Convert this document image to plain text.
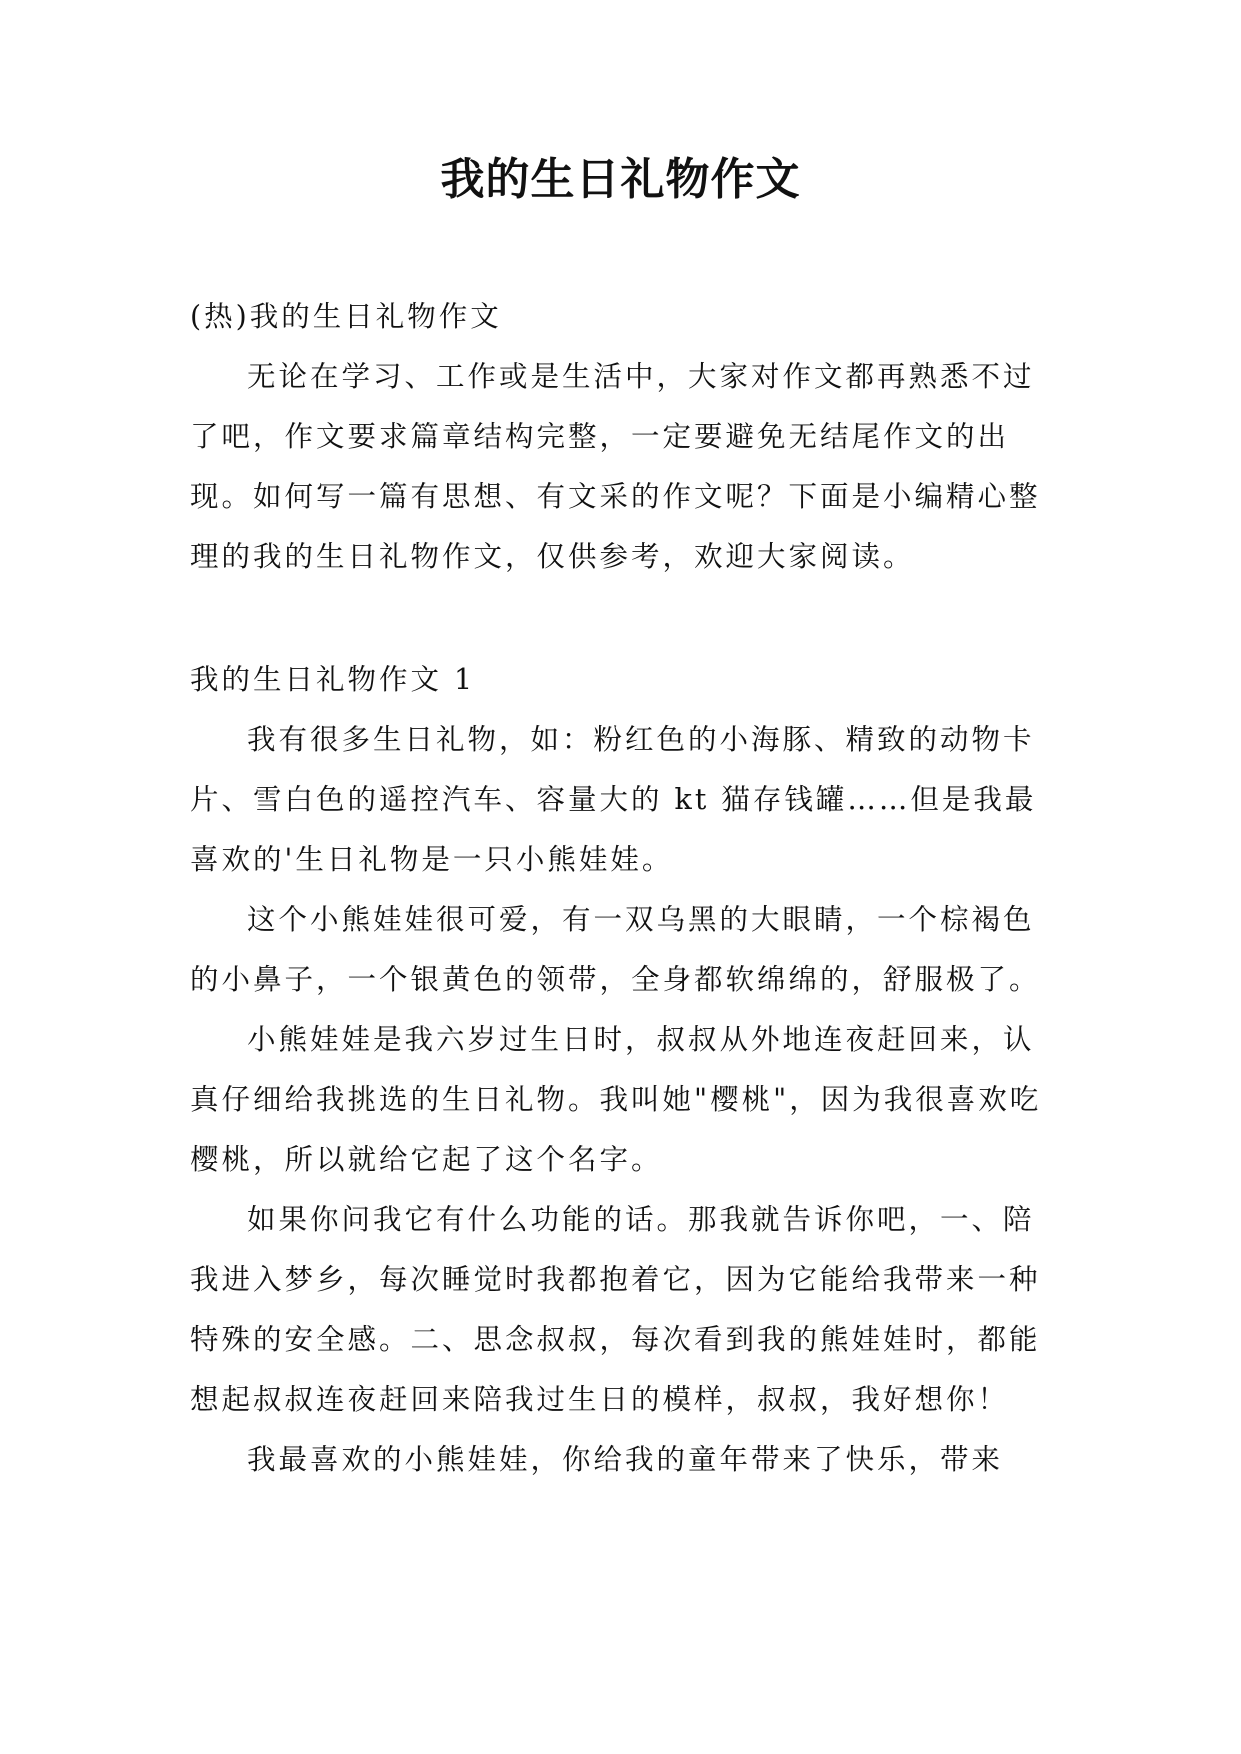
我的生日礼物作文

(热)我的生日礼物作文

无论在学习、工作或是生活中，大家对作文都再熟悉不过了吧，作文要求篇章结构完整，一定要避免无结尾作文的出现。如何写一篇有思想、有文采的作文呢？下面是小编精心整理的我的生日礼物作文，仅供参考，欢迎大家阅读。

我的生日礼物作文 1

我有很多生日礼物，如：粉红色的小海豚、精致的动物卡片、雪白色的遥控汽车、容量大的 kt 猫存钱罐……但是我最喜欢的'生日礼物是一只小熊娃娃。

这个小熊娃娃很可爱，有一双乌黑的大眼睛，一个棕褐色的小鼻子，一个银黄色的领带，全身都软绵绵的，舒服极了。

小熊娃娃是我六岁过生日时，叔叔从外地连夜赶回来，认真仔细给我挑选的生日礼物。我叫她"樱桃"，因为我很喜欢吃樱桃，所以就给它起了这个名字。

如果你问我它有什么功能的话。那我就告诉你吧，一、陪我进入梦乡，每次睡觉时我都抱着它，因为它能给我带来一种特殊的安全感。二、思念叔叔，每次看到我的熊娃娃时，都能想起叔叔连夜赶回来陪我过生日的模样，叔叔，我好想你！

我最喜欢的小熊娃娃，你给我的童年带来了快乐，带来
